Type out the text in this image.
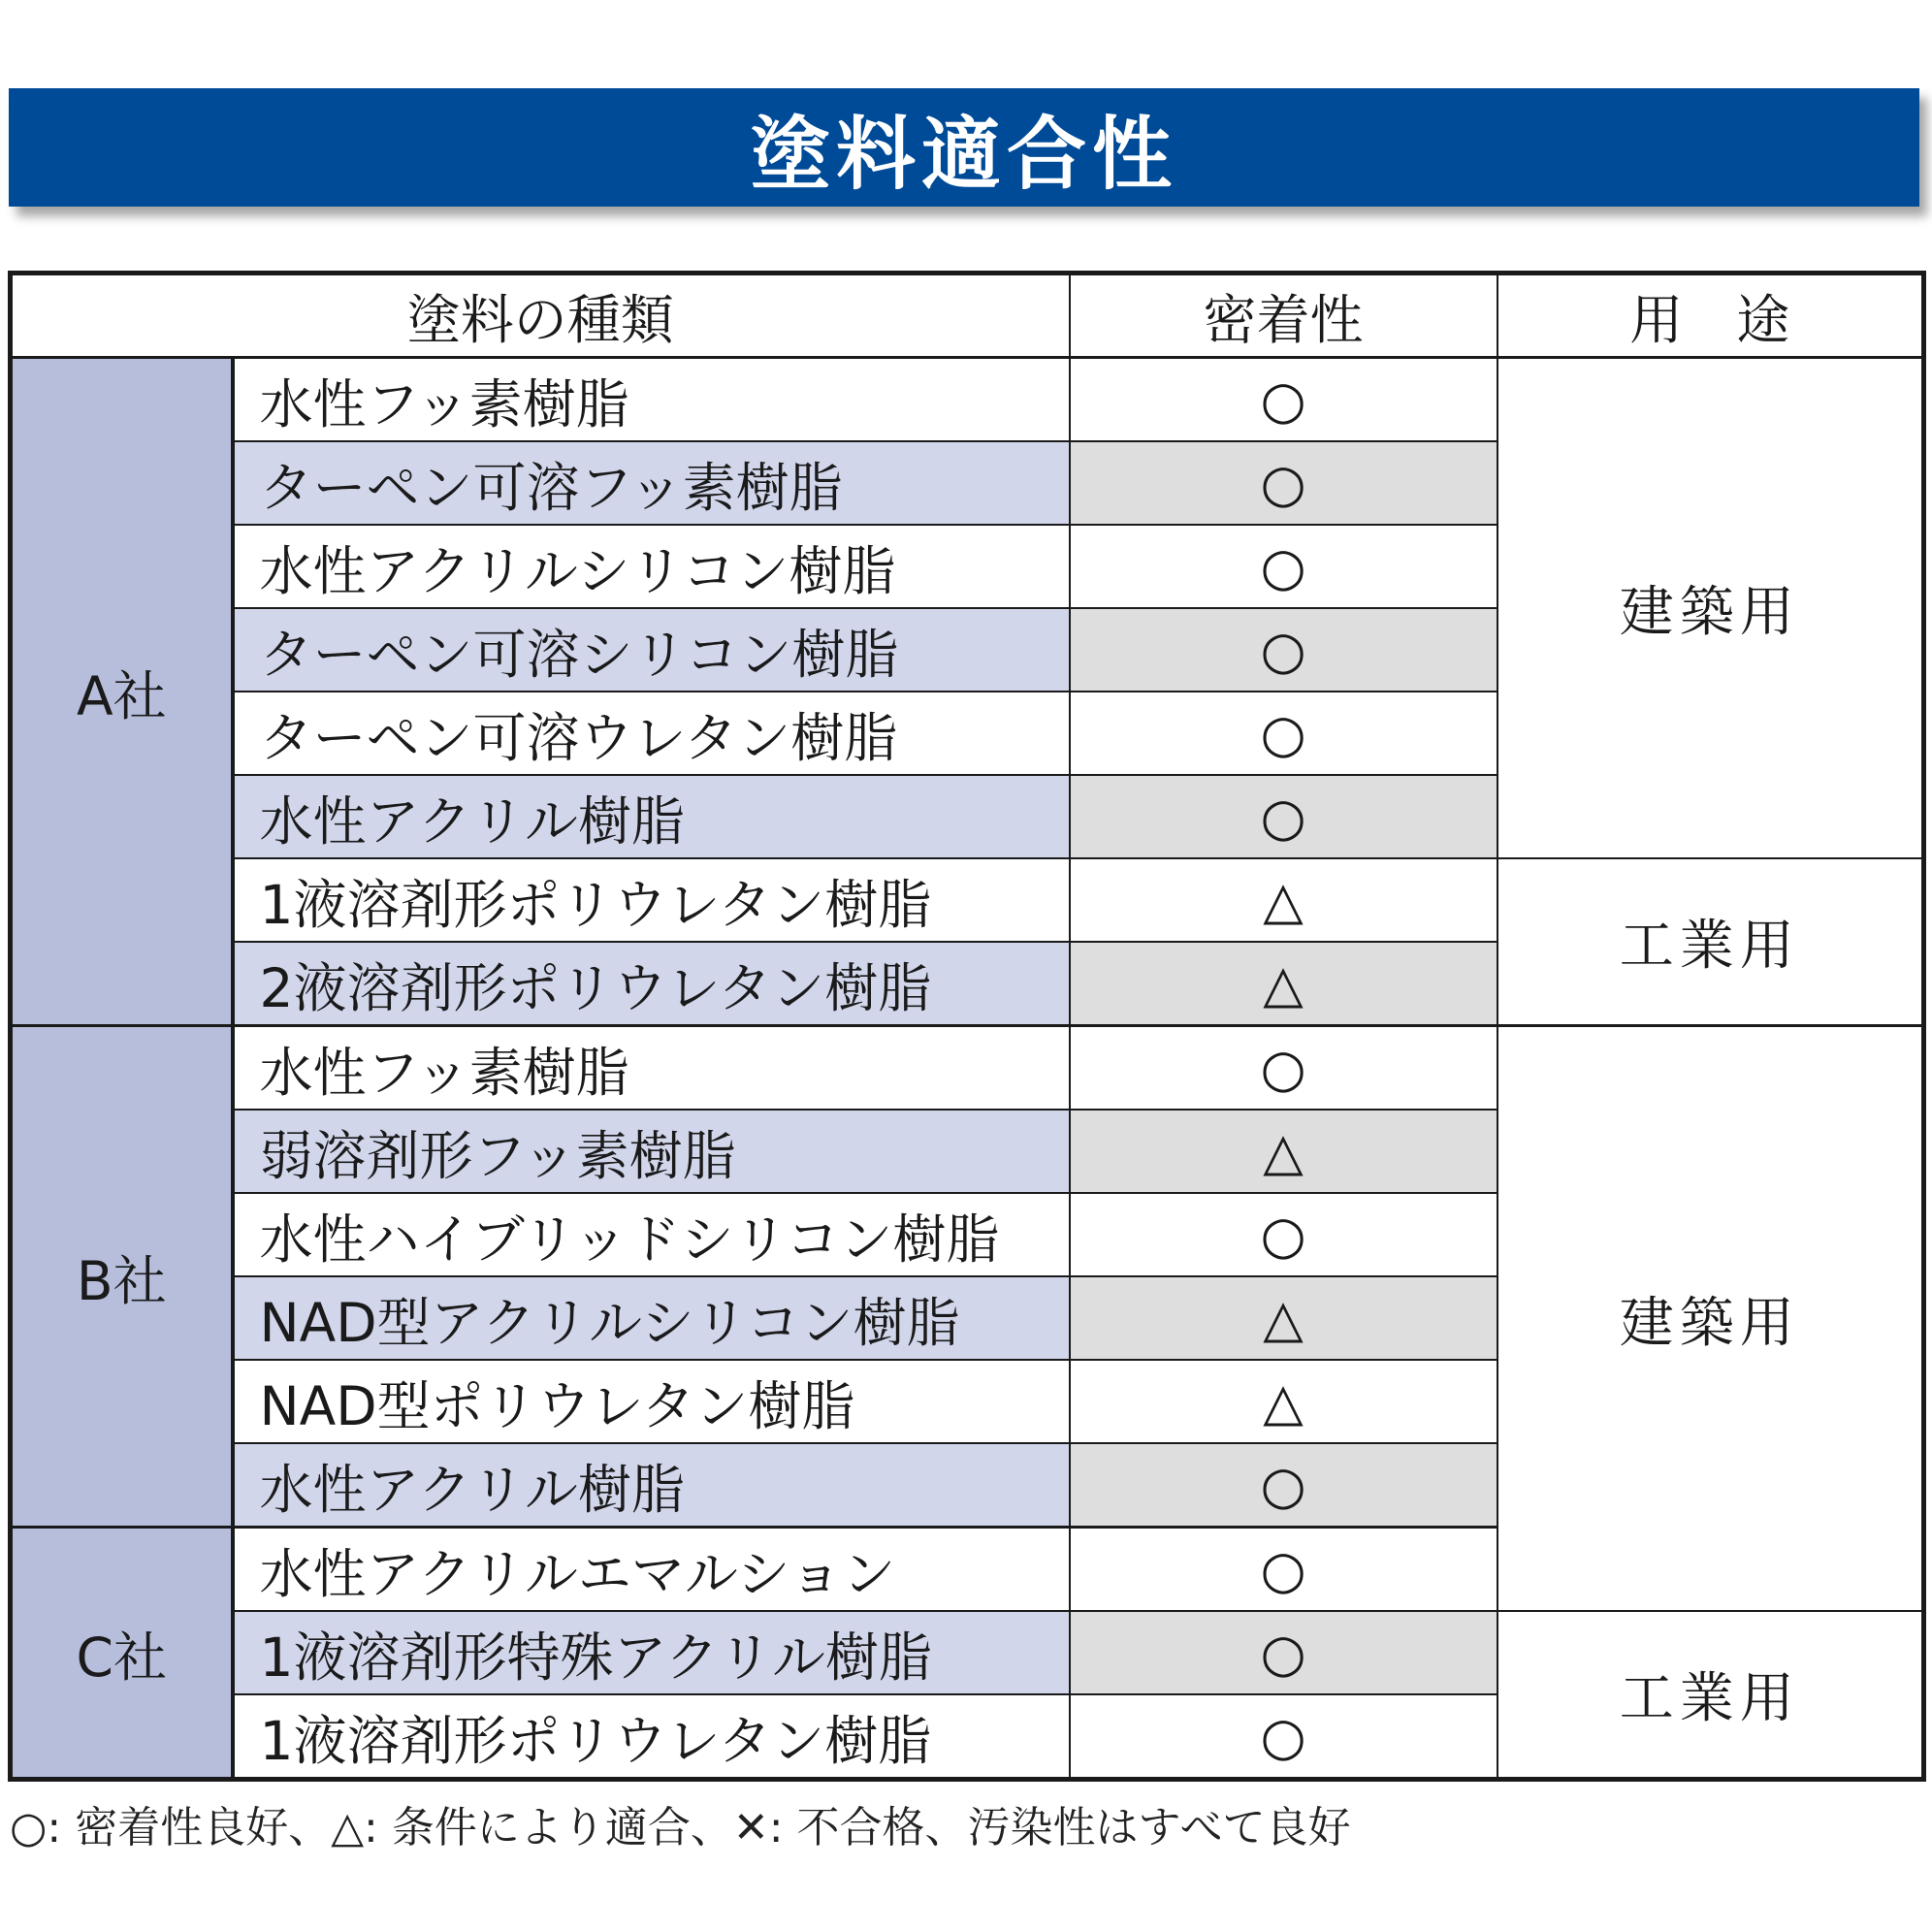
塗料適合性
塗料の種類		密着性	用　途
A社	水性フッ素樹脂	○	建築用
	ターペン可溶フッ素樹脂	○	
	水性アクリルシリコン樹脂	○	
	ターペン可溶シリコン樹脂	○	
	ターペン可溶ウレタン樹脂	○	
	水性アクリル樹脂	○	
	1液溶剤形ポリウレタン樹脂	△	工業用
	2液溶剤形ポリウレタン樹脂	△	
B社	水性フッ素樹脂	○	建築用
	弱溶剤形フッ素樹脂	△	
	水性ハイブリッドシリコン樹脂	○	
	NAD型アクリルシリコン樹脂	△	
	NAD型ポリウレタン樹脂	△	
	水性アクリル樹脂	○	
C社	水性アクリルエマルション	○	
	1液溶剤形特殊アクリル樹脂	○	工業用
	1液溶剤形ポリウレタン樹脂	○	
○: 密着性良好、△: 条件により適合、✕: 不合格、汚染性はすべて良好
